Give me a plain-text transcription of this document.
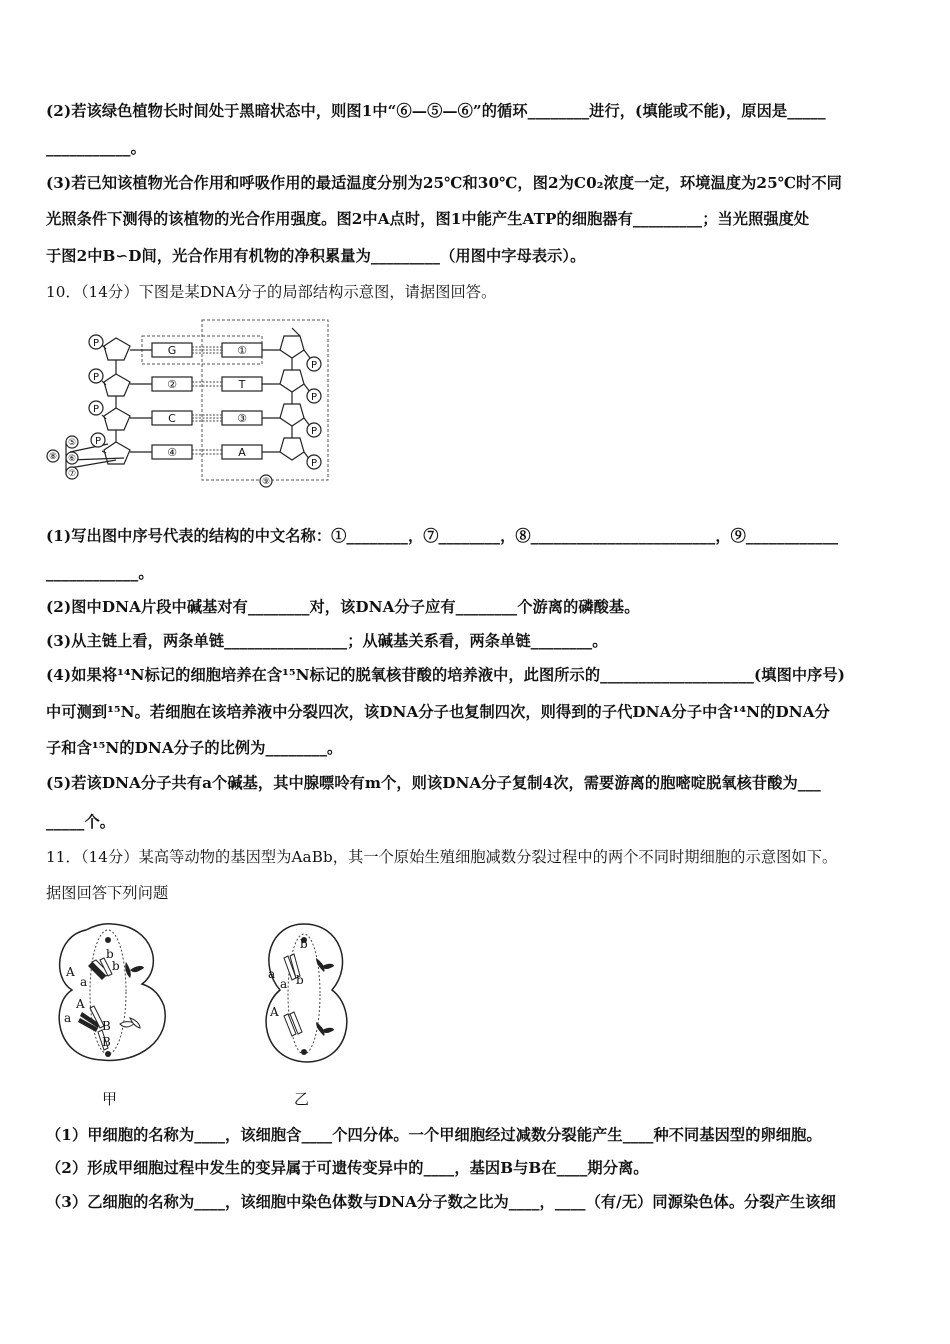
(2)若该绿色植物长时间处于黑暗状态中，则图1中“⑥—⑤—⑥”的循环________进行，(填能或不能)，原因是_____
___________。
(3)若已知该植物光合作用和呼吸作用的最适温度分别为25℃和30℃，图2为C0₂浓度一定，环境温度为25℃时不同
光照条件下测得的该植物的光合作用强度。图2中A点时，图1中能产生ATP的细胞器有_________；当光照强度处
于图2中B∽D间，光合作用有机物的净积累量为_________（用图中字母表示）。
10．（14分）下图是某DNA分子的局部结构示意图，请据图回答。
P
P
P
P
P
P
P
P
G
②
C
④
①
T
③
A
⑤
⑥
⑦
⑧
⑨
(1)写出图中序号代表的结构的中文名称：①________，⑦________，⑧________________________，⑨____________
____________。
(2)图中DNA片段中碱基对有________对，该DNA分子应有________个游离的磷酸基。
(3)从主链上看，两条单链________________；从碱基关系看，两条单链________。
(4)如果将¹⁴N标记的细胞培养在含¹⁵N标记的脱氧核苷酸的培养液中，此图所示的____________________(填图中序号)
中可测到¹⁵N。若细胞在该培养液中分裂四次，该DNA分子也复制四次，则得到的子代DNA分子中含¹⁴N的DNA分
子和含¹⁵N的DNA分子的比例为________。
(5)若该DNA分子共有a个碱基，其中腺嘌呤有m个，则该DNA分子复制4次，需要游离的胞嘧啶脱氧核苷酸为___
_____个。
11．（14分）某高等动物的基因型为AaBb，其一个原始生殖细胞减数分裂过程中的两个不同时期细胞的示意图如下。
据图回答下列问题
A
a
A
a
b
b
B
B
甲
a
a
b
A
b
乙
（1）甲细胞的名称为____，该细胞含____个四分体。一个甲细胞经过减数分裂能产生____种不同基因型的卵细胞。
（2）形成甲细胞过程中发生的变异属于可遗传变异中的____，基因B与B在____期分离。
（3）乙细胞的名称为____，该细胞中染色体数与DNA分子数之比为____，____（有/无）同源染色体。分裂产生该细
